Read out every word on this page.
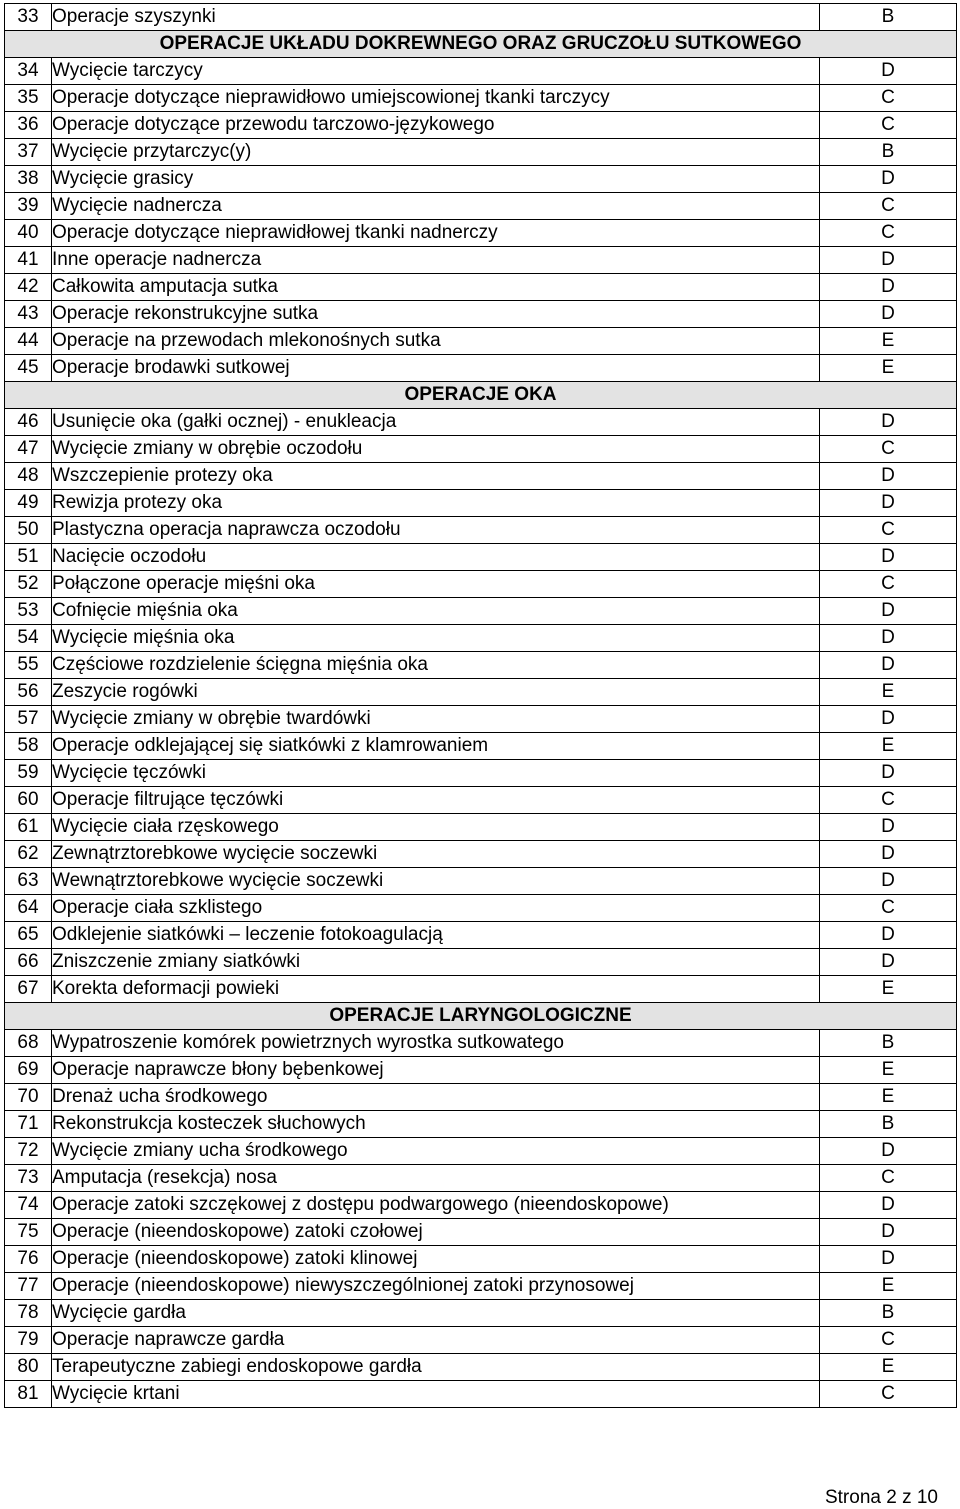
33	Operacje szyszynki	B
OPERACJE UKŁADU DOKREWNEGO ORAZ GRUCZOŁU SUTKOWEGO		
34	Wycięcie tarczycy	D
35	Operacje dotyczące nieprawidłowo umiejscowionej tkanki tarczycy	C
36	Operacje dotyczące przewodu tarczowo-językowego	C
37	Wycięcie przytarczyc(y)	B
38	Wycięcie grasicy	D
39	Wycięcie nadnercza	C
40	Operacje dotyczące nieprawidłowej tkanki nadnerczy	C
41	Inne operacje nadnercza	D
42	Całkowita amputacja sutka	D
43	Operacje rekonstrukcyjne sutka	D
44	Operacje na przewodach mlekonośnych sutka	E
45	Operacje brodawki sutkowej	E
OPERACJE OKA		
46	Usunięcie oka (gałki ocznej) - enukleacja	D
47	Wycięcie zmiany w obrębie oczodołu	C
48	Wszczepienie protezy oka	D
49	Rewizja protezy oka	D
50	Plastyczna operacja naprawcza oczodołu	C
51	Nacięcie oczodołu	D
52	Połączone operacje mięśni oka	C
53	Cofnięcie mięśnia oka	D
54	Wycięcie mięśnia oka	D
55	Częściowe rozdzielenie ścięgna mięśnia oka	D
56	Zeszycie rogówki	E
57	Wycięcie zmiany w obrębie twardówki	D
58	Operacje odklejającej się siatkówki z klamrowaniem	E
59	Wycięcie tęczówki	D
60	Operacje filtrujące tęczówki	C
61	Wycięcie ciała rzęskowego	D
62	Zewnątrztorebkowe wycięcie soczewki	D
63	Wewnątrztorebkowe wycięcie soczewki	D
64	Operacje ciała szklistego	C
65	Odklejenie siatkówki – leczenie fotokoagulacją	D
66	Zniszczenie zmiany siatkówki	D
67	Korekta deformacji powieki	E
OPERACJE LARYNGOLOGICZNE		
68	Wypatroszenie komórek powietrznych wyrostka sutkowatego	B
69	Operacje naprawcze błony bębenkowej	E
70	Drenaż ucha środkowego	E
71	Rekonstrukcja kosteczek słuchowych	B
72	Wycięcie zmiany ucha środkowego	D
73	Amputacja (resekcja) nosa	C
74	Operacje zatoki szczękowej z dostępu podwargowego (nieendoskopowe)	D
75	Operacje (nieendoskopowe) zatoki czołowej	D
76	Operacje (nieendoskopowe) zatoki klinowej	D
77	Operacje (nieendoskopowe) niewyszczególnionej zatoki przynosowej	E
78	Wycięcie gardła	B
79	Operacje naprawcze gardła	C
80	Terapeutyczne zabiegi endoskopowe gardła	E
81	Wycięcie krtani	C
Strona 2 z 10
